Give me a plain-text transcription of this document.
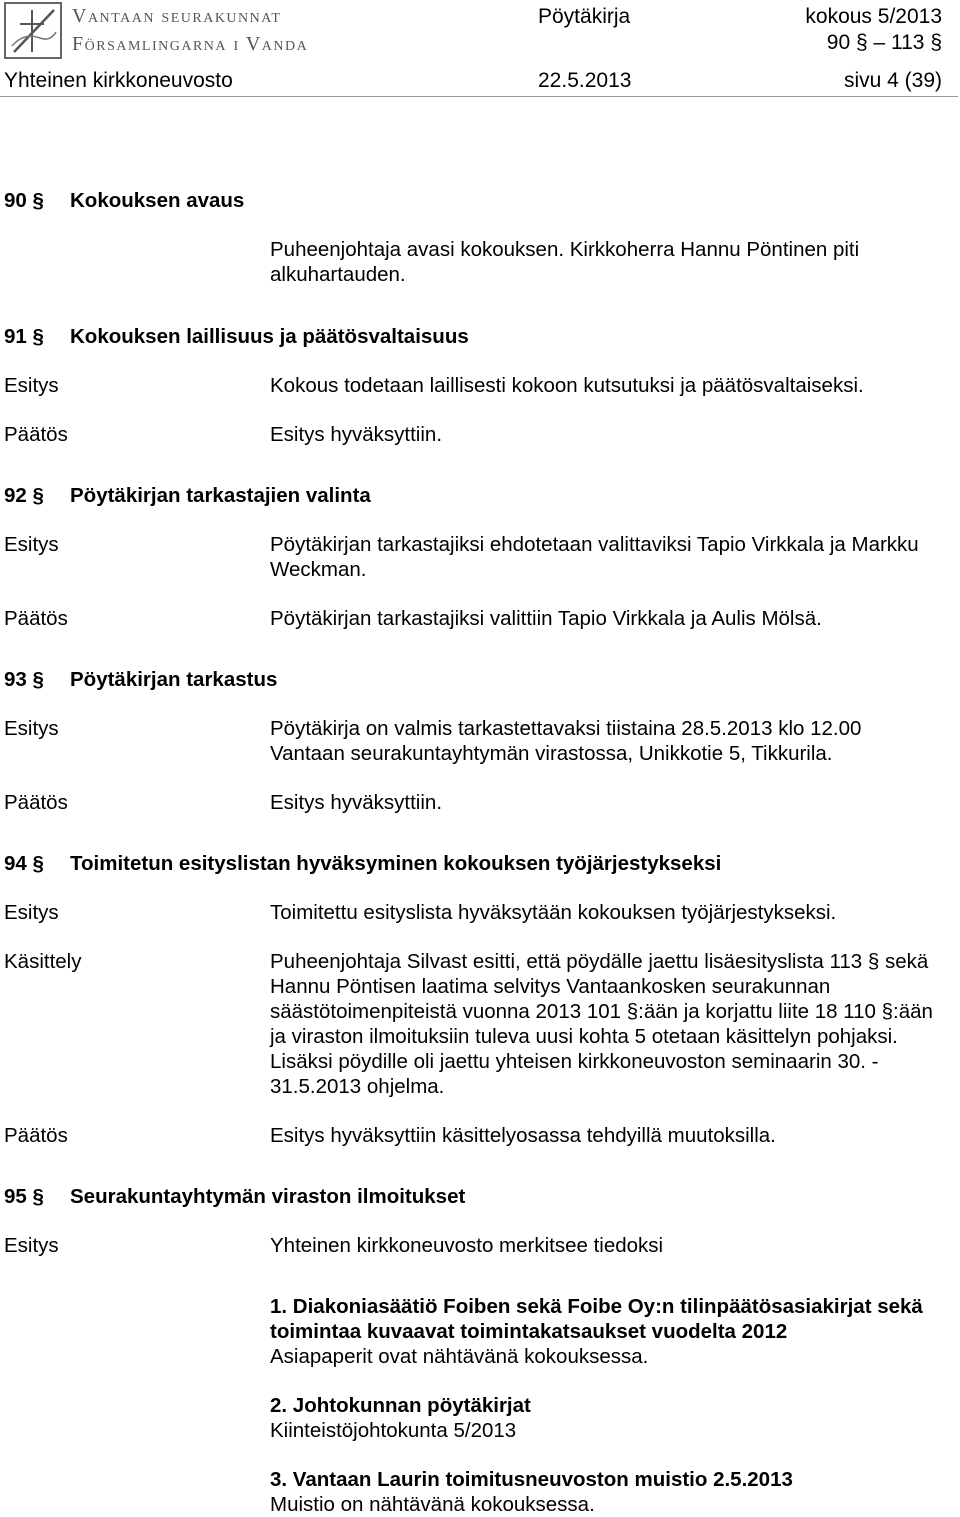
Vantaan seurakunnat
Församlingarna i Vanda
Pöytäkirja	kokous 5/2013
90 § – 113 §
Yhteinen kirkkoneuvosto	22.5.2013	sivu 4 (39)
90 §	Kokouksen avaus
Puheenjohtaja avasi kokouksen. Kirkkoherra Hannu Pöntinen piti alkuhartauden.
91 §	Kokouksen laillisuus ja päätösvaltaisuus
Esitys	Kokous todetaan laillisesti kokoon kutsutuksi ja päätösvaltaiseksi.
Päätös	Esitys hyväksyttiin.
92 §	Pöytäkirjan tarkastajien valinta
Esitys	Pöytäkirjan tarkastajiksi ehdotetaan valittaviksi Tapio Virkkala ja Markku Weckman.
Päätös	Pöytäkirjan tarkastajiksi valittiin Tapio Virkkala ja Aulis Mölsä.
93 §	Pöytäkirjan tarkastus
Esitys	Pöytäkirja on valmis tarkastettavaksi tiistaina 28.5.2013 klo 12.00 Vantaan seurakuntayhtymän virastossa, Unikkotie 5, Tikkurila.
Päätös	Esitys hyväksyttiin.
94 §	Toimitetun esityslistan hyväksyminen kokouksen työjärjestykseksi
Esitys	Toimitettu esityslista hyväksytään kokouksen työjärjestykseksi.
Käsittely	Puheenjohtaja Silvast esitti, että pöydälle jaettu lisäesityslista 113 § sekä Hannu Pöntisen laatima selvitys Vantaankosken seurakunnan säästötoimenpiteistä vuonna 2013 101 §:ään ja korjattu liite 18 110 §:ään ja viraston ilmoituksiin tuleva uusi kohta 5 otetaan käsittelyn pohjaksi. Lisäksi pöydille oli jaettu yhteisen kirkkoneuvoston seminaarin 30. - 31.5.2013 ohjelma.
Päätös	Esitys hyväksyttiin käsittelyosassa tehdyillä muutoksilla.
95 §	Seurakuntayhtymän viraston ilmoitukset
Esitys	Yhteinen kirkkoneuvosto merkitsee tiedoksi
1. Diakoniasäätiö Foiben sekä Foibe Oy:n tilinpäätösasiakirjat sekä toimintaa kuvaavat toimintakatsaukset vuodelta 2012
Asiapaperit ovat nähtävänä kokouksessa.
2. Johtokunnan pöytäkirjat
Kiinteistöjohtokunta 5/2013
3. Vantaan Laurin toimitusneuvoston muistio 2.5.2013
Muistio on nähtävänä kokouksessa.
